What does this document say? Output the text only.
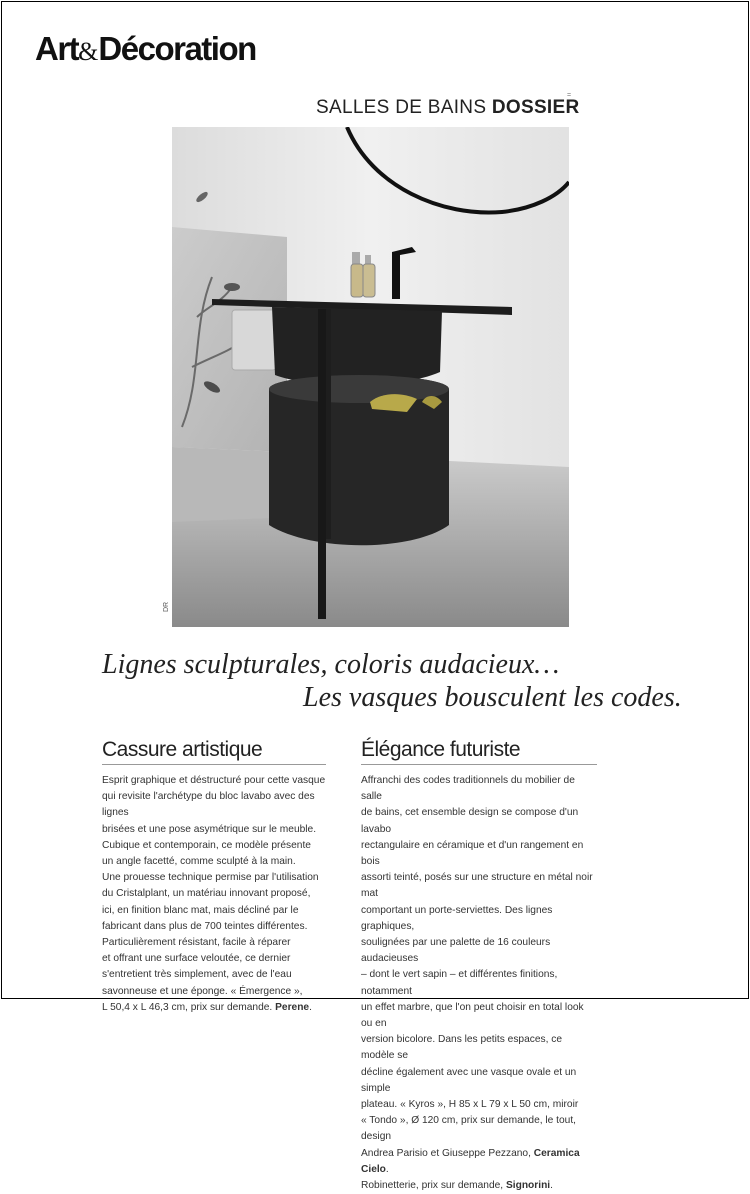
Art&Décoration
SALLES DE BAINS DOSSIER
=
DR
Lignes sculpturales, coloris audacieux…
Les vasques bousculent les codes.
Cassure artistique

Esprit graphique et déstructuré pour cette vasque
qui revisite l'archétype du bloc lavabo avec des lignes
brisées et une pose asymétrique sur le meuble.
Cubique et contemporain, ce modèle présente
un angle facetté, comme sculpté à la main.
Une prouesse technique permise par l'utilisation
du Cristalplant, un matériau innovant proposé,
ici, en finition blanc mat, mais décliné par le
fabricant dans plus de 700 teintes différentes.
Particulièrement résistant, facile à réparer
et offrant une surface veloutée, ce dernier
s'entretient très simplement, avec de l'eau
savonneuse et une éponge. « Émergence »,
L 50,4 x L 46,3 cm, prix sur demande. Perene.

Élégance futuriste

Affranchi des codes traditionnels du mobilier de salle
de bains, cet ensemble design se compose d'un lavabo
rectangulaire en céramique et d'un rangement en bois
assorti teinté, posés sur une structure en métal noir mat
comportant un porte-serviettes. Des lignes graphiques,
soulignées par une palette de 16 couleurs audacieuses
– dont le vert sapin – et différentes finitions, notamment
un effet marbre, que l'on peut choisir en total look ou en
version bicolore. Dans les petits espaces, ce modèle se
décline également avec une vasque ovale et un simple
plateau. « Kyros », H 85 x L 79 x L 50 cm, miroir
« Tondo », Ø 120 cm, prix sur demande, le tout, design
Andrea Parisio et Giuseppe Pezzano, Ceramica Cielo.
Robinetterie, prix sur demande, Signorini.
